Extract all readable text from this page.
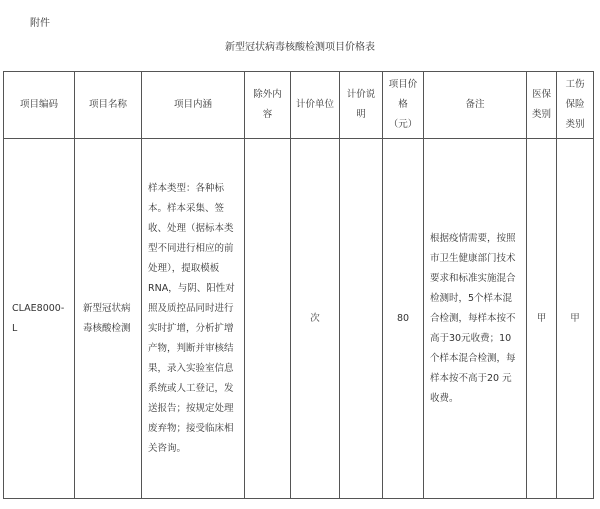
附件
新型冠状病毒核酸检测项目价格表
项目编码	项目名称	项目内涵	除外内容	计价单位	计价说明	项目价格（元）	备注	医保类别	工伤保险类别

CLAE8000-L	新型冠状病毒核酸检测	样本类型：各种标本。样本采集、签收、处理（据标本类型不同进行相应的前处理），提取模板RNA，与阴、阳性对照及质控品同时进行实时扩增，分析扩增产物，判断并审核结果，录入实验室信息系统或人工登记，发送报告；按规定处理废弃物；接受临床相关咨询。		次		80	根据疫情需要，按照市卫生健康部门技术要求和标准实施混合检测时，5个样本混合检测，每样本按不高于30元收费；10个样本混合检测，每样本按不高于20 元收费。	甲	甲
